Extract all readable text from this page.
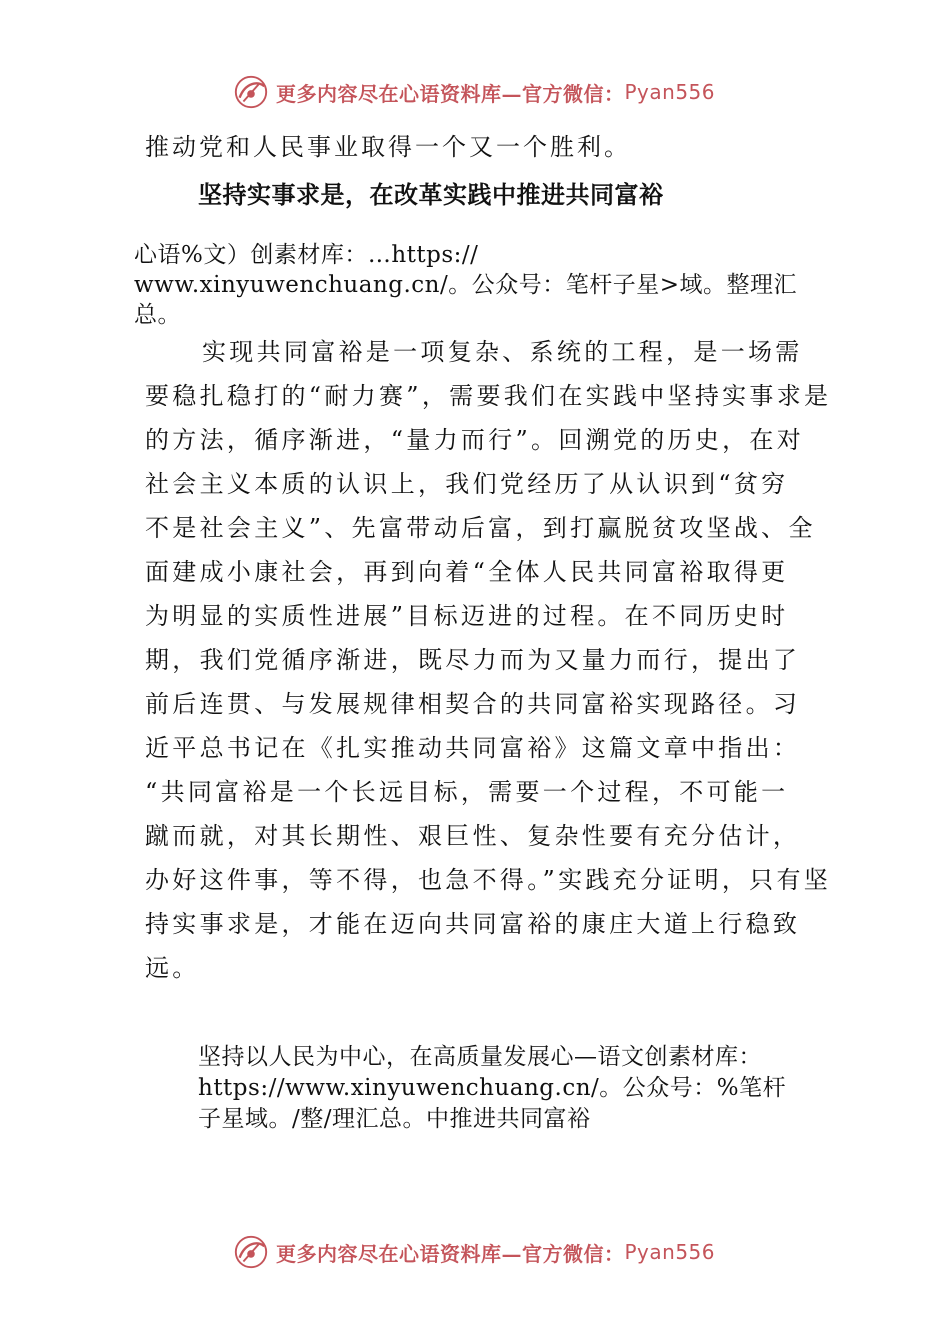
更多内容尽在心语资料库—官方微信： Pyan556
推动党和人民事业取得一个又一个胜利。
坚持实事求是，在改革实践中推进共同富裕
心语%文）创素材库：…https://
www.xinyuwenchuang.cn/。公众号：笔杆子星>域。整理汇
总。
实现共同富裕是一项复杂、系统的工程，是一场需
要稳扎稳打的“耐力赛”，需要我们在实践中坚持实事求是
的方法，循序渐进，“量力而行”。回溯党的历史，在对
社会主义本质的认识上，我们党经历了从认识到“贫穷
不是社会主义”、先富带动后富，到打赢脱贫攻坚战、全
面建成小康社会，再到向着“全体人民共同富裕取得更
为明显的实质性进展”目标迈进的过程。在不同历史时
期，我们党循序渐进，既尽力而为又量力而行，提出了
前后连贯、与发展规律相契合的共同富裕实现路径。习
近平总书记在《扎实推动共同富裕》这篇文章中指出：
“共同富裕是一个长远目标，需要一个过程，不可能一
蹴而就，对其长期性、艰巨性、复杂性要有充分估计，
办好这件事，等不得，也急不得。”实践充分证明，只有坚
持实事求是，才能在迈向共同富裕的康庄大道上行稳致
远。
坚持以人民为中心，在高质量发展心—语文创素材库：
https://www.xinyuwenchuang.cn/。公众号：%笔杆
子星域。/整/理汇总。中推进共同富裕
更多内容尽在心语资料库—官方微信： Pyan556
